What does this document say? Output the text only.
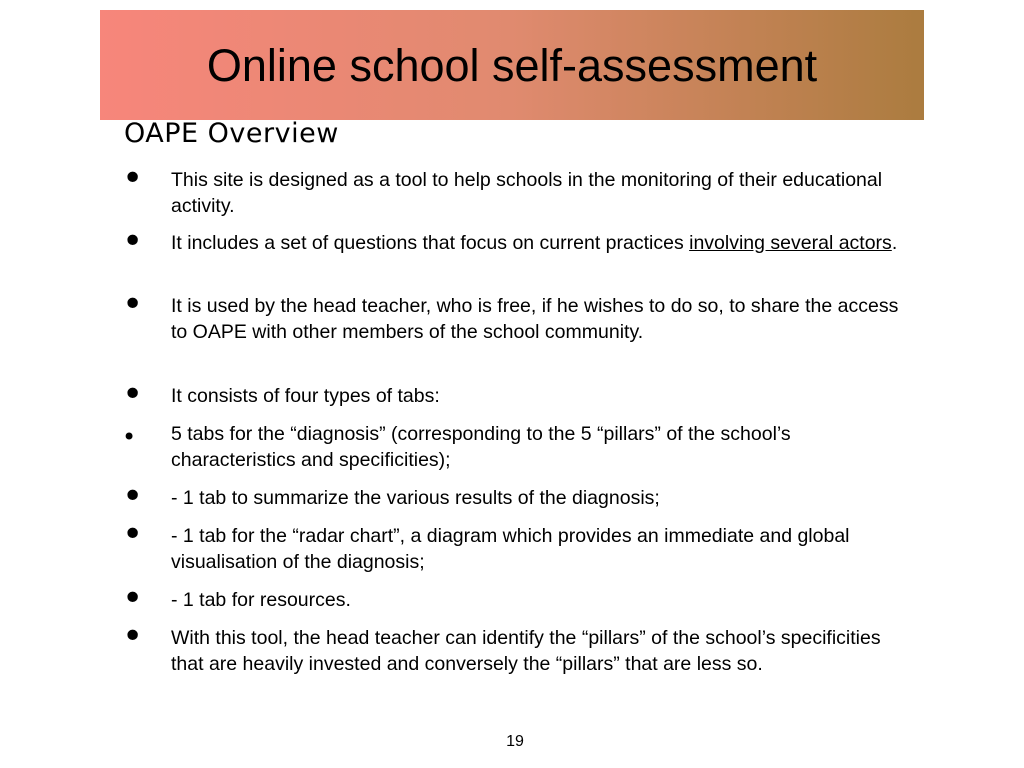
Online school self-assessment
OAPE Overview
• This site is designed as a tool to help schools in the monitoring of their educational activity.
• It includes a set of questions that focus on current practices involving several actors.
• It is used by the head teacher, who is free, if he wishes to do so, to share the access to OAPE with other members of the school community.
• It consists of four types of tabs:
• 5 tabs for the “diagnosis” (corresponding to the 5 “pillars” of the school’s characteristics and specificities);
• - 1 tab to summarize the various results of the diagnosis;
• - 1 tab for the “radar chart”, a diagram which provides an immediate and global visualisation of the diagnosis;
• - 1 tab for resources.
• With this tool, the head teacher can identify the “pillars” of the school’s specificities that are heavily invested and conversely the “pillars” that are less so.
19
